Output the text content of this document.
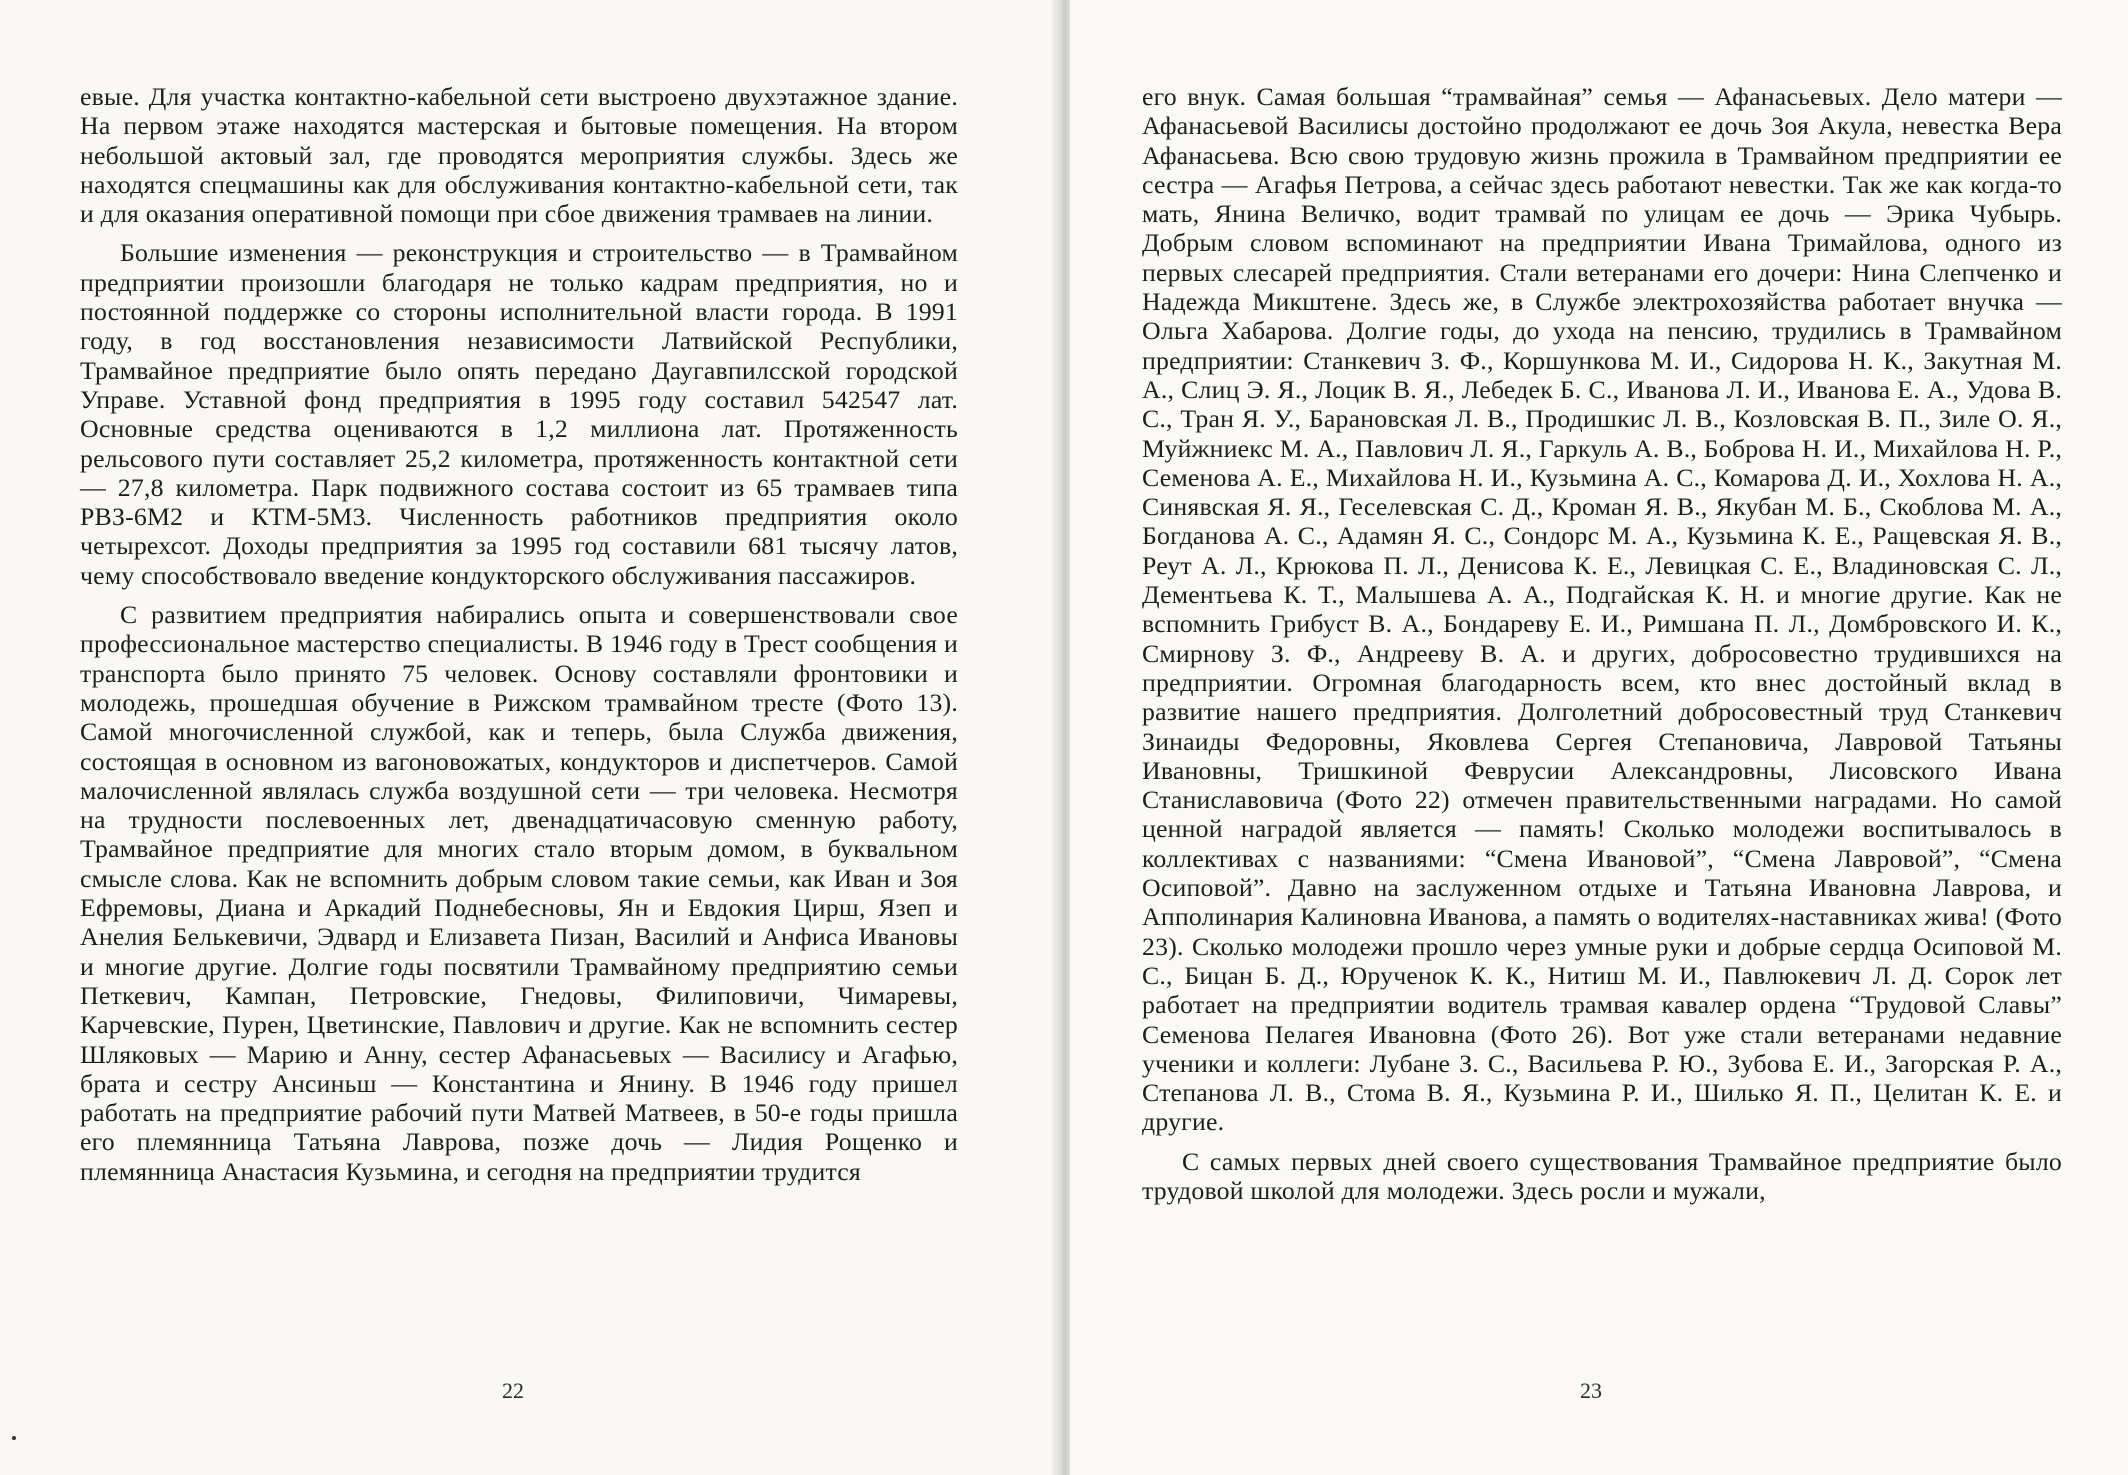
евые. Для участка контактно-кабельной сети выстроено двухэтажное здание. На первом этаже находятся мастерская и бытовые помещения. На втором небольшой актовый зал, где проводятся мероприятия службы. Здесь же находятся спецмашины как для обслуживания контактно-кабельной сети, так и для оказания оперативной помощи при сбое движения трамваев на линии.

Большие изменения — реконструкция и строительство — в Трамвайном предприятии произошли благодаря не только кадрам предприятия, но и постоянной поддержке со стороны исполнительной власти города. В 1991 году, в год восстановления независимости Латвийской Республики, Трамвайное предприятие было опять передано Даугавпилсской городской Управе. Уставной фонд предприятия в 1995 году составил 542547 лат. Основные средства оцениваются в 1,2 миллиона лат. Протяженность рельсового пути составляет 25,2 километра, протяженность контактной сети — 27,8 километра. Парк подвижного состава состоит из 65 трамваев типа РВЗ-6М2 и КТМ-5М3. Численность работников предприятия около четырехсот. Доходы предприятия за 1995 год составили 681 тысячу латов, чему способствовало введение кондукторского обслуживания пассажиров.

С развитием предприятия набирались опыта и совершенствовали свое профессиональное мастерство специалисты. В 1946 году в Трест сообщения и транспорта было принято 75 человек. Основу составляли фронтовики и молодежь, прошедшая обучение в Рижском трамвайном тресте (Фото 13). Самой многочисленной службой, как и теперь, была Служба движения, состоящая в основном из вагоновожатых, кондукторов и диспетчеров. Самой малочисленной являлась служба воздушной сети — три человека. Несмотря на трудности послевоенных лет, двенадцатичасовую сменную работу, Трамвайное предприятие для многих стало вторым домом, в буквальном смысле слова. Как не вспомнить добрым словом такие семьи, как Иван и Зоя Ефремовы, Диана и Аркадий Поднебесновы, Ян и Евдокия Цирш, Язеп и Анелия Белькевичи, Эдвард и Елизавета Пизан, Василий и Анфиса Ивановы и многие другие. Долгие годы посвятили Трамвайному предприятию семьи Петкевич, Кампан, Петровские, Гнедовы, Филиповичи, Чимаревы, Карчевские, Пурен, Цветинские, Павлович и другие. Как не вспомнить сестер Шляковых — Марию и Анну, сестер Афанасьевых — Василису и Агафью, брата и сестру Ансиньш — Константина и Янину. В 1946 году пришел работать на предприятие рабочий пути Матвей Матвеев, в 50-е годы пришла его племянница Татьяна Лаврова, позже дочь — Лидия Рощенко и племянница Анастасия Кузьмина, и сегодня на предприятии трудится

22

его внук. Самая большая “трамвайная” семья — Афанасьевых. Дело матери — Афанасьевой Василисы достойно продолжают ее дочь Зоя Акула, невестка Вера Афанасьева. Всю свою трудовую жизнь прожила в Трамвайном предприятии ее сестра — Агафья Петрова, а сейчас здесь работают невестки. Так же как когда-то мать, Янина Величко, водит трамвай по улицам ее дочь — Эрика Чубырь. Добрым словом вспоминают на предприятии Ивана Тримайлова, одного из первых слесарей предприятия. Стали ветеранами его дочери: Нина Слепченко и Надежда Микштене. Здесь же, в Службе электрохозяйства работает внучка — Ольга Хабарова. Долгие годы, до ухода на пенсию, трудились в Трамвайном предприятии: Станкевич З. Ф., Коршункова М. И., Сидорова Н. К., Закутная М. А., Слиц Э. Я., Лоцик В. Я., Лебедек Б. С., Иванова Л. И., Иванова Е. А., Удова В. С., Тран Я. У., Барановская Л. В., Продишкис Л. В., Козловская В. П., Зиле О. Я., Муйжниекс М. А., Павлович Л. Я., Гаркуль А. В., Боброва Н. И., Михайлова Н. Р., Семенова А. Е., Михайлова Н. И., Кузьмина А. С., Комарова Д. И., Хохлова Н. А., Синявская Я. Я., Геселевская С. Д., Кроман Я. В., Якубан М. Б., Скоблова М. А., Богданова А. С., Адамян Я. С., Сондорс М. А., Кузьмина К. Е., Ращевская Я. В., Реут А. Л., Крюкова П. Л., Денисова К. Е., Левицкая С. Е., Владиновская С. Л., Дементьева К. Т., Малышева А. А., Подгайская К. Н. и многие другие. Как не вспомнить Грибуст В. А., Бондареву Е. И., Римшана П. Л., Домбровского И. К., Смирнову З. Ф., Андрееву В. А. и других, добросовестно трудившихся на предприятии. Огромная благодарность всем, кто внес достойный вклад в развитие нашего предприятия. Долголетний добросовестный труд Станкевич Зинаиды Федоровны, Яковлева Сергея Степановича, Лавровой Татьяны Ивановны, Тришкиной Февруcии Александровны, Лисовского Ивана Станиславовича (Фото 22) отмечен правительственными наградами. Но самой ценной наградой является — память! Сколько молодежи воспитывалось в коллективах с названиями: “Смена Ивановой”, “Смена Лавровой”, “Смена Осиповой”. Давно на заслуженном отдыхе и Татьяна Ивановна Лаврова, и Апполинария Калиновна Иванова, а память о водителях-наставниках жива! (Фото 23). Сколько молодежи прошло через умные руки и добрые сердца Осиповой М. С., Бицан Б. Д., Юрученок К. К., Нитиш М. И., Павлюкевич Л. Д. Сорок лет работает на предприятии водитель трамвая кавалер ордена “Трудовой Славы” Семенова Пелагея Ивановна (Фото 26). Вот уже стали ветеранами недавние ученики и коллеги: Лубане З. С., Васильева Р. Ю., Зубова Е. И., Загорская Р. А., Степанова Л. В., Стома В. Я., Кузьмина Р. И., Шилько Я. П., Целитан К. Е. и другие.

С самых первых дней своего существования Трамвайное предприятие было трудовой школой для молодежи. Здесь росли и мужали,

23
